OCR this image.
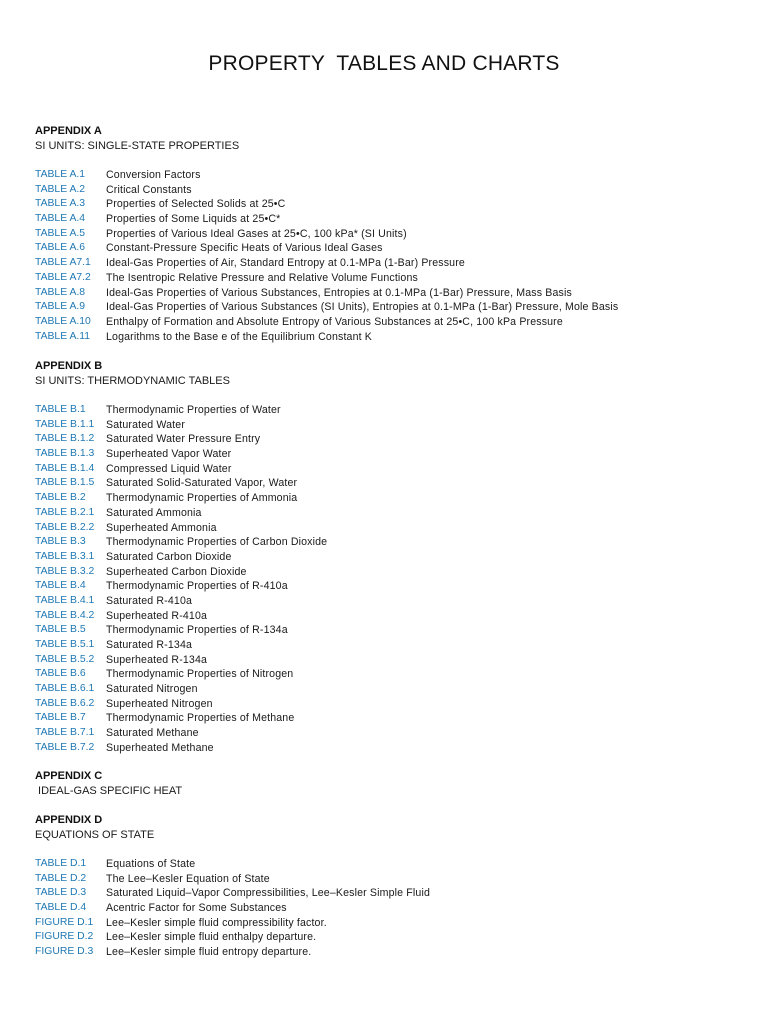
PROPERTY  TABLES AND CHARTS
APPENDIX A
SI UNITS: SINGLE-STATE PROPERTIES
TABLE A.1	Conversion Factors
TABLE A.2	Critical Constants
TABLE A.3	Properties of Selected Solids at 25•C
TABLE A.4	Properties of Some Liquids at 25•C*
TABLE A.5	Properties of Various Ideal Gases at 25•C, 100 kPa* (SI Units)
TABLE A.6	Constant-Pressure Specific Heats of Various Ideal Gases
TABLE A7.1	Ideal-Gas Properties of Air, Standard Entropy at 0.1-MPa (1-Bar) Pressure
TABLE A7.2	The Isentropic Relative Pressure and Relative Volume Functions
TABLE A.8	Ideal-Gas Properties of Various Substances, Entropies at 0.1-MPa (1-Bar) Pressure, Mass Basis
TABLE A.9	Ideal-Gas Properties of Various Substances (SI Units), Entropies at 0.1-MPa (1-Bar) Pressure, Mole Basis
TABLE A.10	Enthalpy of Formation and Absolute Entropy of Various Substances at 25•C, 100 kPa Pressure
TABLE A.11	Logarithms to the Base e of the Equilibrium Constant K
APPENDIX B
SI UNITS: THERMODYNAMIC TABLES
TABLE B.1	Thermodynamic Properties of Water
TABLE B.1.1	Saturated Water
TABLE B.1.2	Saturated Water Pressure Entry
TABLE B.1.3	Superheated Vapor Water
TABLE B.1.4	Compressed Liquid Water
TABLE B.1.5	Saturated Solid-Saturated Vapor, Water
TABLE B.2	Thermodynamic Properties of Ammonia
TABLE B.2.1	Saturated Ammonia
TABLE B.2.2	Superheated Ammonia
TABLE B.3	Thermodynamic Properties of Carbon Dioxide
TABLE B.3.1	Saturated Carbon Dioxide
TABLE B.3.2	Superheated Carbon Dioxide
TABLE B.4	Thermodynamic Properties of R-410a
TABLE B.4.1	Saturated R-410a
TABLE B.4.2	Superheated R-410a
TABLE B.5	Thermodynamic Properties of R-134a
TABLE B.5.1	Saturated R-134a
TABLE B.5.2	Superheated R-134a
TABLE B.6	Thermodynamic Properties of Nitrogen
TABLE B.6.1	Saturated Nitrogen
TABLE B.6.2	Superheated Nitrogen
TABLE B.7	Thermodynamic Properties of Methane
TABLE B.7.1	Saturated Methane
TABLE B.7.2	Superheated Methane
APPENDIX C
IDEAL-GAS SPECIFIC HEAT
APPENDIX D
EQUATIONS OF STATE
TABLE D.1	Equations of State
TABLE D.2	The Lee–Kesler Equation of State
TABLE D.3	Saturated Liquid–Vapor Compressibilities, Lee–Kesler Simple Fluid
TABLE D.4	Acentric Factor for Some Substances
FIGURE D.1	Lee–Kesler simple fluid compressibility factor.
FIGURE D.2	Lee–Kesler simple fluid enthalpy departure.
FIGURE D.3	Lee–Kesler simple fluid entropy departure.
